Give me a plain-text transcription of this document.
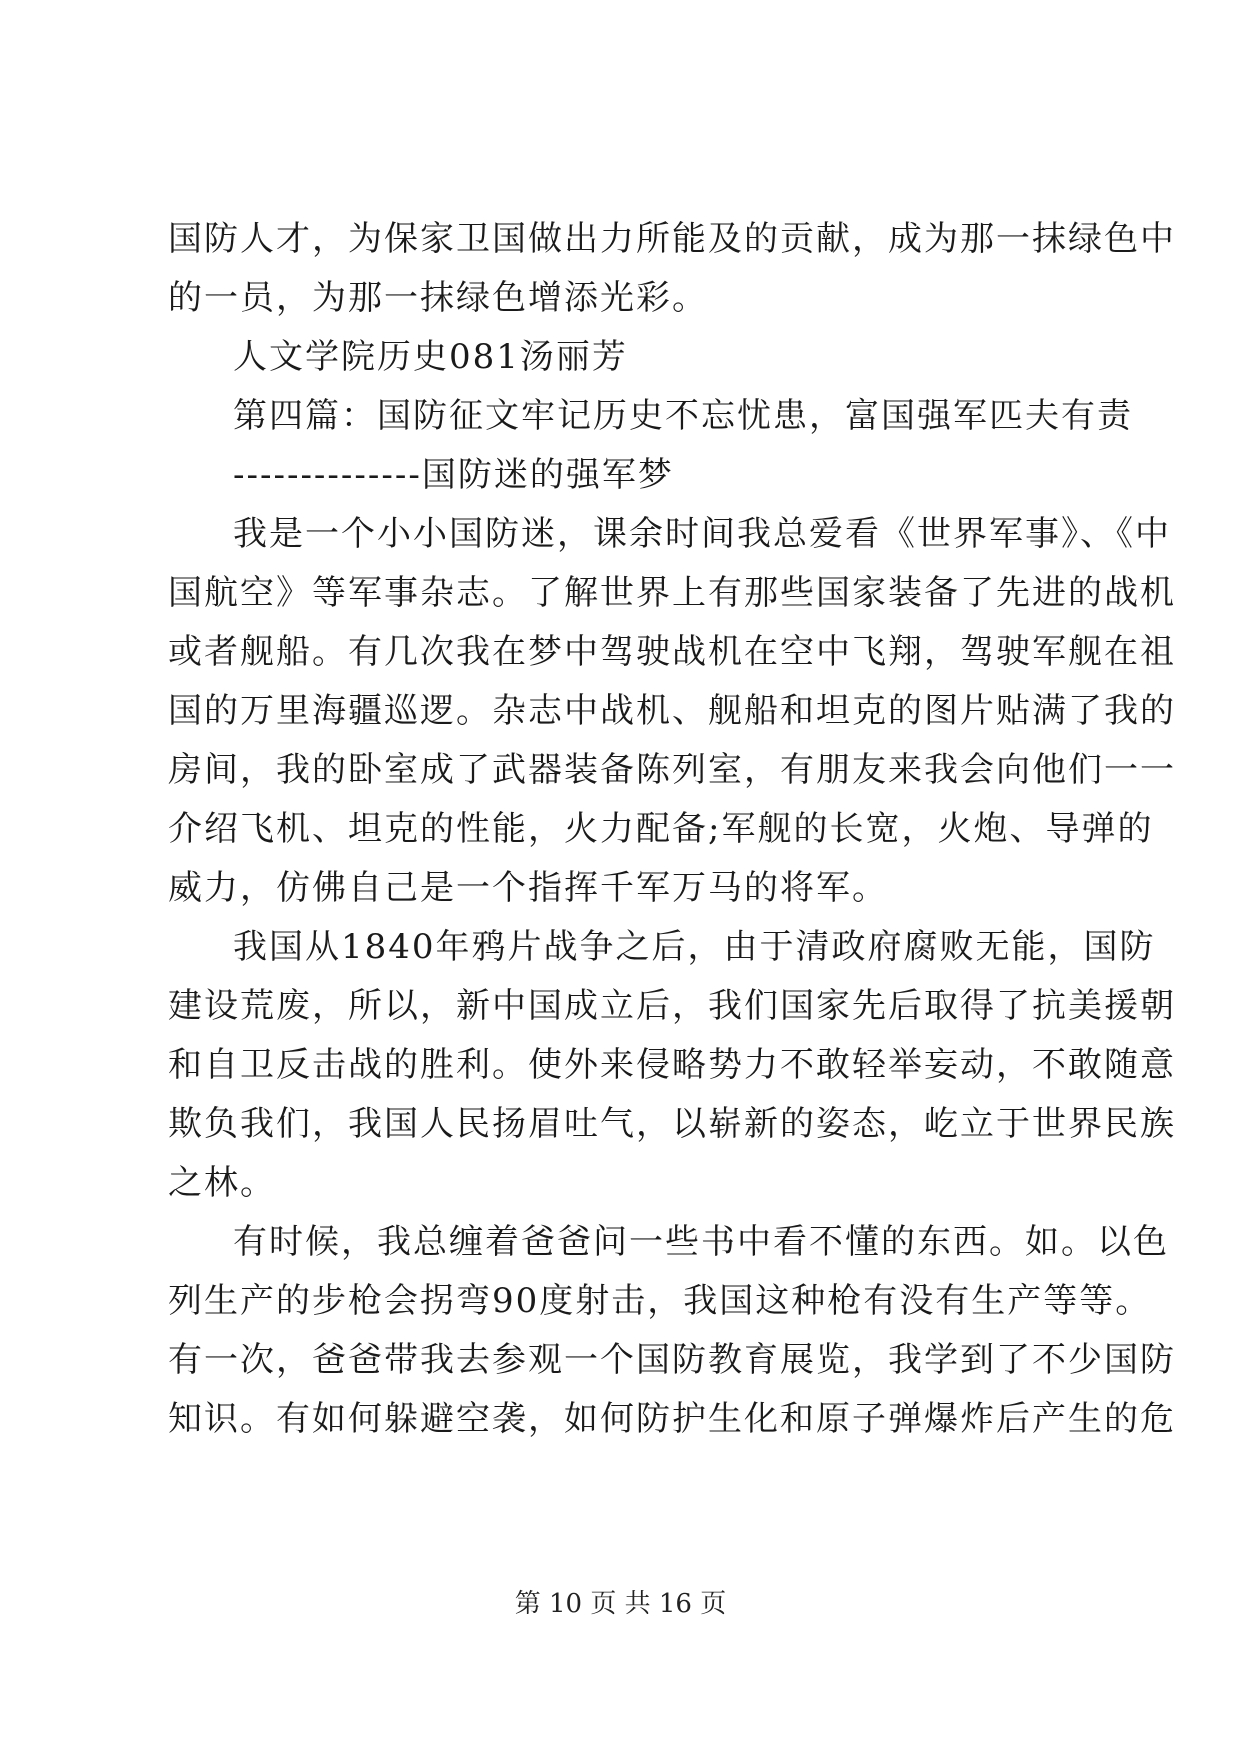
国防人才，为保家卫国做出力所能及的贡献，成为那一抹绿色中
的一员，为那一抹绿色增添光彩。
人文学院历史081汤丽芳
第四篇：国防征文牢记历史不忘忧患，富国强军匹夫有责
--------------国防迷的强军梦
我是一个小小国防迷，课余时间我总爱看《世界军事》、《中
国航空》等军事杂志。了解世界上有那些国家装备了先进的战机
或者舰船。有几次我在梦中驾驶战机在空中飞翔，驾驶军舰在祖
国的万里海疆巡逻。杂志中战机、舰船和坦克的图片贴满了我的
房间，我的卧室成了武器装备陈列室，有朋友来我会向他们一一
介绍飞机、坦克的性能，火力配备;军舰的长宽，火炮、导弹的
威力，仿佛自己是一个指挥千军万马的将军。
我国从1840年鸦片战争之后，由于清政府腐败无能，国防
建设荒废，所以，新中国成立后，我们国家先后取得了抗美援朝
和自卫反击战的胜利。使外来侵略势力不敢轻举妄动，不敢随意
欺负我们，我国人民扬眉吐气，以崭新的姿态，屹立于世界民族
之林。
有时候，我总缠着爸爸问一些书中看不懂的东西。如。以色
列生产的步枪会拐弯90度射击，我国这种枪有没有生产等等。
有一次，爸爸带我去参观一个国防教育展览，我学到了不少国防
知识。有如何躲避空袭，如何防护生化和原子弹爆炸后产生的危
第 10 页 共 16 页
